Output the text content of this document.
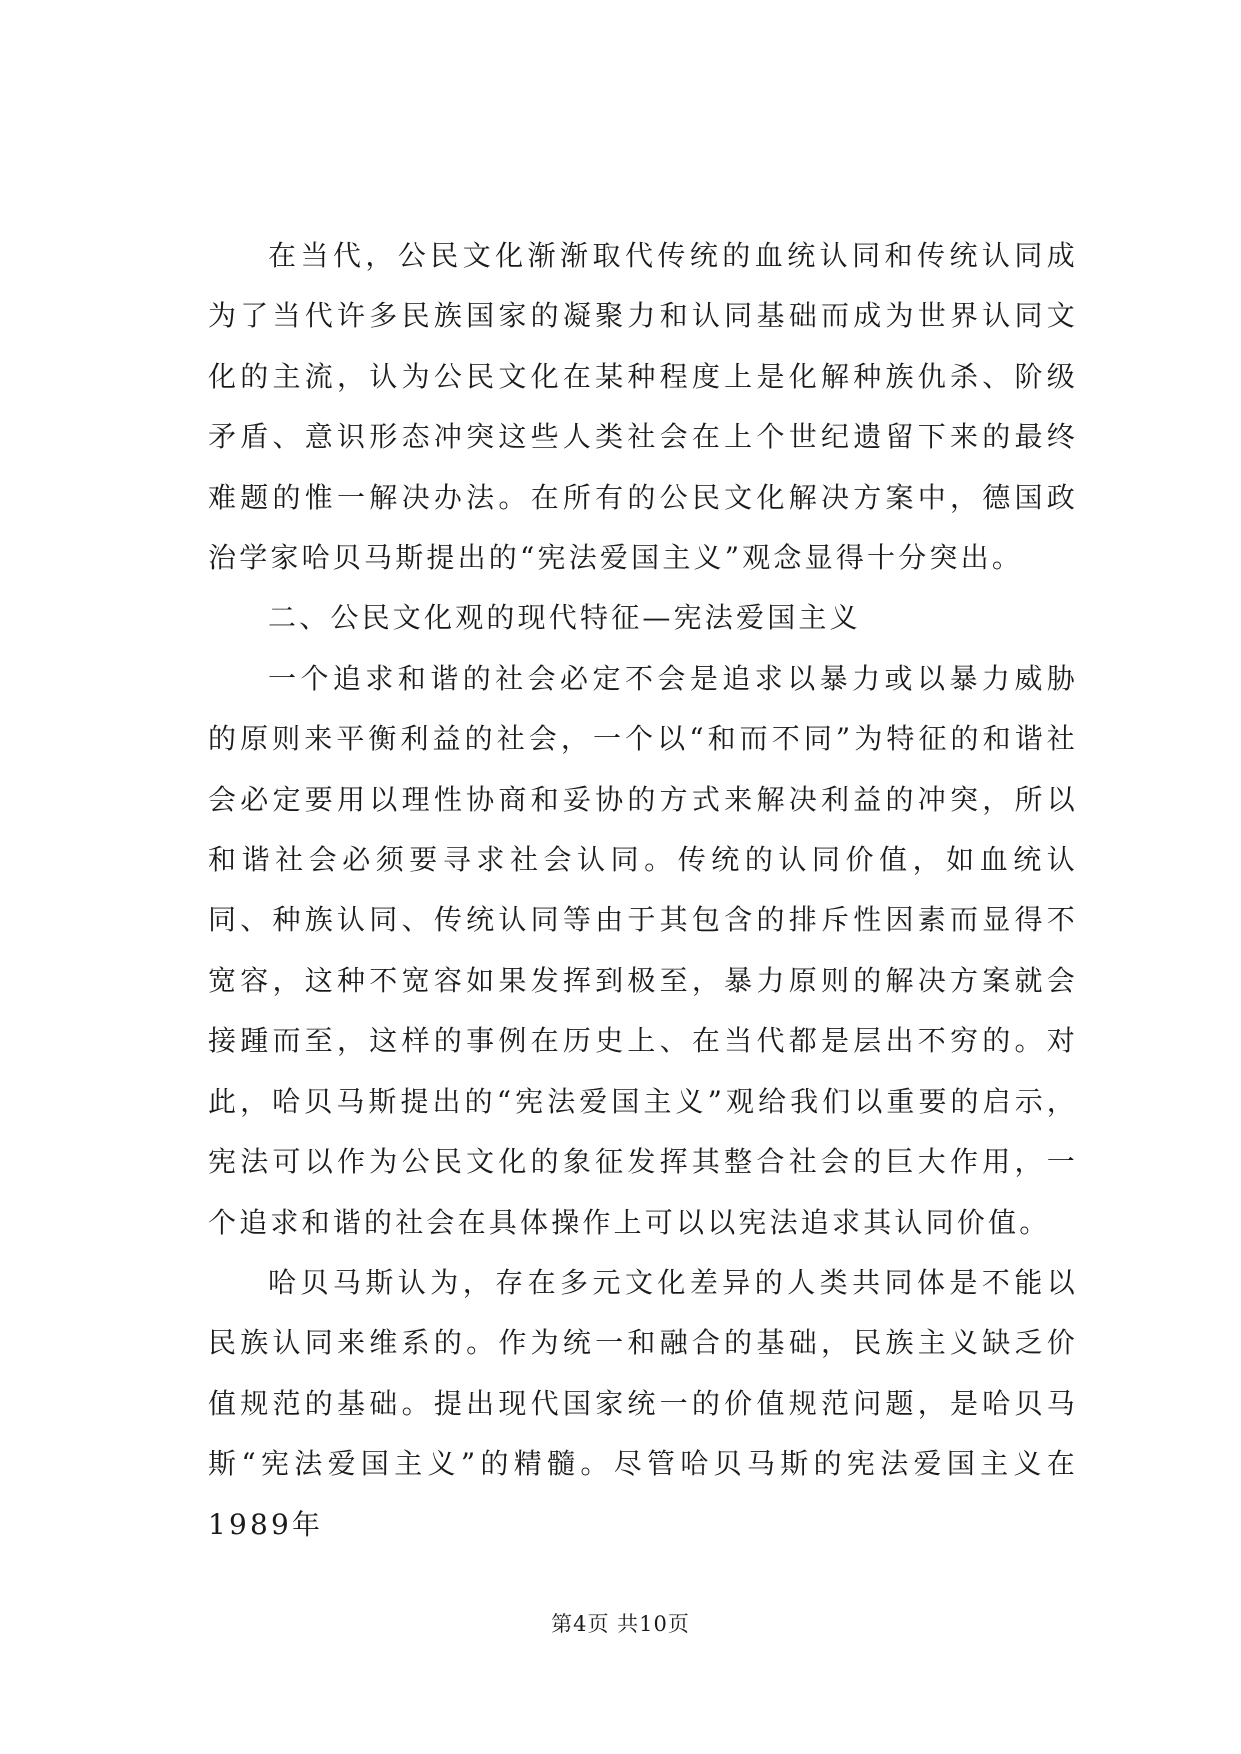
在当代，公民文化渐渐取代传统的血统认同和传统认同成为了当代许多民族国家的凝聚力和认同基础而成为世界认同文化的主流，认为公民文化在某种程度上是化解种族仇杀、阶级矛盾、意识形态冲突这些人类社会在上个世纪遗留下来的最终难题的惟一解决办法。在所有的公民文化解决方案中，德国政治学家哈贝马斯提出的“宪法爱国主义”观念显得十分突出。

二、公民文化观的现代特征—宪法爱国主义

一个追求和谐的社会必定不会是追求以暴力或以暴力威胁的原则来平衡利益的社会，一个以“和而不同”为特征的和谐社会必定要用以理性协商和妥协的方式来解决利益的冲突，所以和谐社会必须要寻求社会认同。传统的认同价值，如血统认同、种族认同、传统认同等由于其包含的排斥性因素而显得不宽容，这种不宽容如果发挥到极至，暴力原则的解决方案就会接踵而至，这样的事例在历史上、在当代都是层出不穷的。对此，哈贝马斯提出的“宪法爱国主义”观给我们以重要的启示，宪法可以作为公民文化的象征发挥其整合社会的巨大作用，一个追求和谐的社会在具体操作上可以以宪法追求其认同价值。

哈贝马斯认为，存在多元文化差异的人类共同体是不能以民族认同来维系的。作为统一和融合的基础，民族主义缺乏价值规范的基础。提出现代国家统一的价值规范问题，是哈贝马斯“宪法爱国主义”的精髓。尽管哈贝马斯的宪法爱国主义在1989年

第4页 共10页
